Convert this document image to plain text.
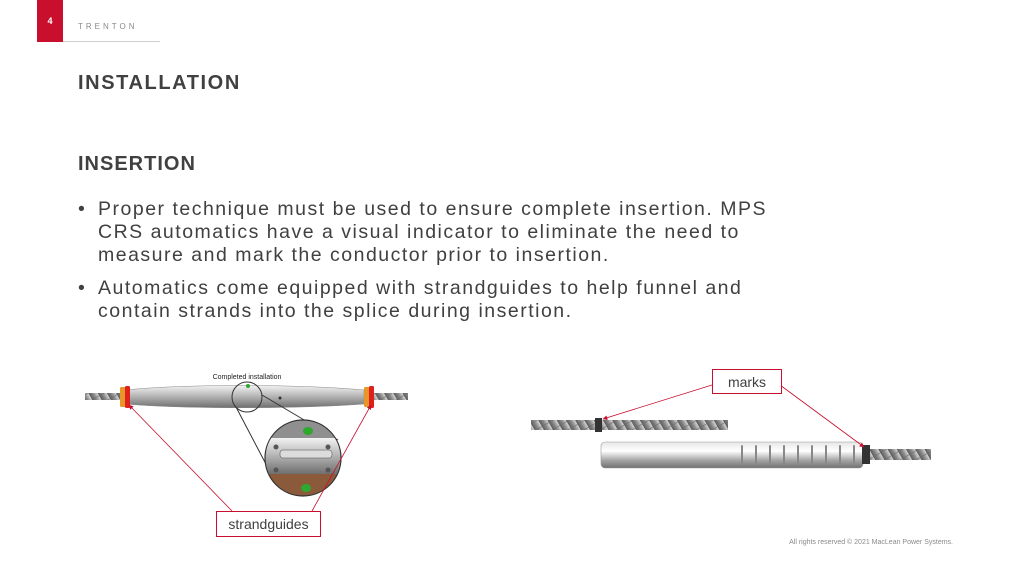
4
TRENTON
INSTALLATION
INSERTION
• Proper technique must be used to ensure complete insertion. MPS
CRS automatics have a visual indicator to eliminate the need to
measure and mark the conductor prior to insertion.
• Automatics come equipped with strandguides to help funnel and
contain strands into the splice during insertion.
Completed installation
strandguides
marks
All rights reserved © 2021 MacLean Power Systems.
